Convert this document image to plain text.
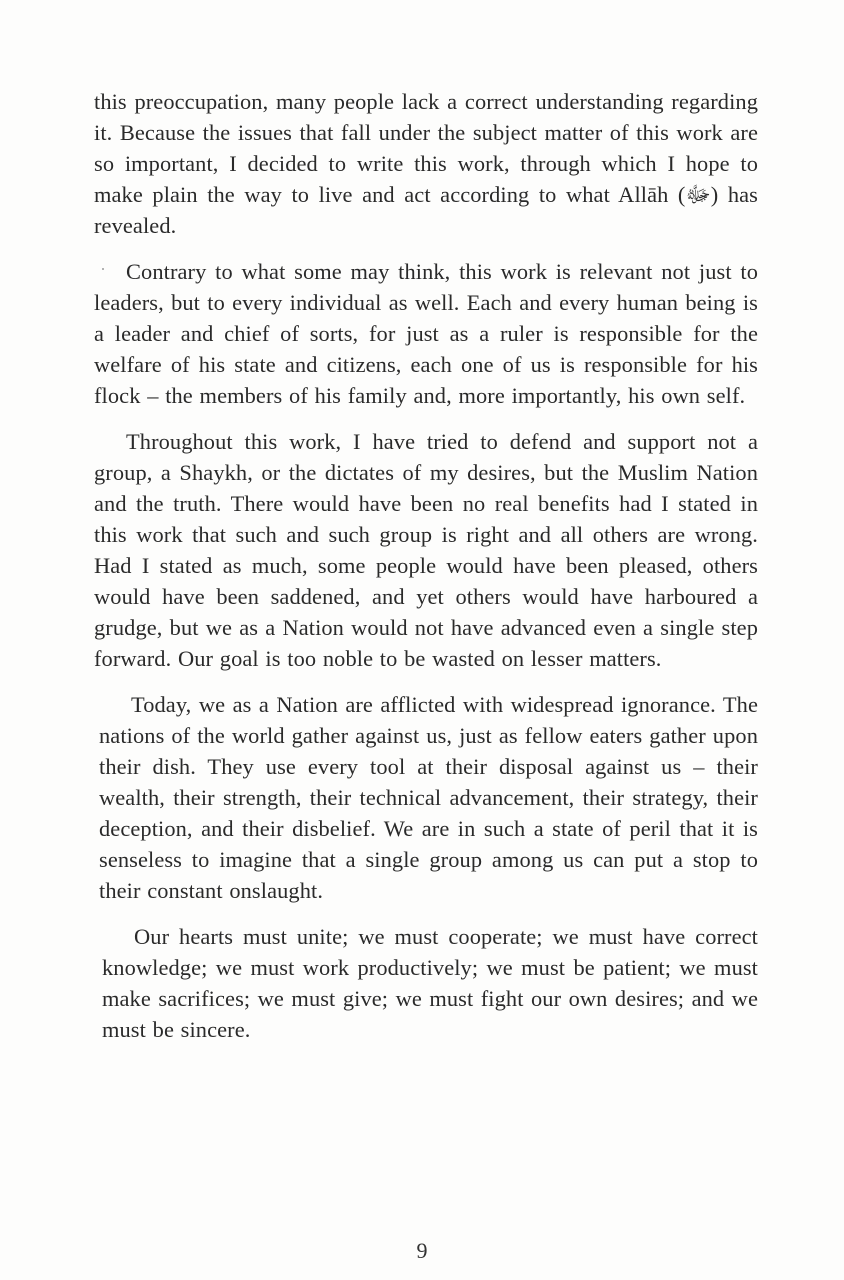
this preoccupation, many people lack a correct understanding regarding it. Because the issues that fall under the subject matter of this work are so important, I decided to write this work, through which I hope to make plain the way to live and act according to what Allāh (ﷻ) has revealed.

Contrary to what some may think, this work is relevant not just to leaders, but to every individual as well. Each and every human being is a leader and chief of sorts, for just as a ruler is responsible for the welfare of his state and citizens, each one of us is responsible for his flock – the members of his family and, more importantly, his own self.

Throughout this work, I have tried to defend and support not a group, a Shaykh, or the dictates of my desires, but the Muslim Nation and the truth. There would have been no real benefits had I stated in this work that such and such group is right and all others are wrong. Had I stated as much, some people would have been pleased, others would have been saddened, and yet others would have harboured a grudge, but we as a Nation would not have advanced even a single step forward. Our goal is too noble to be wasted on lesser matters.

Today, we as a Nation are afflicted with widespread ignorance. The nations of the world gather against us, just as fellow eaters gather upon their dish. They use every tool at their disposal against us – their wealth, their strength, their technical advancement, their strategy, their deception, and their disbelief. We are in such a state of peril that it is senseless to imagine that a single group among us can put a stop to their constant onslaught.

Our hearts must unite; we must cooperate; we must have correct knowledge; we must work productively; we must be patient; we must make sacrifices; we must give; we must fight our own desires; and we must be sincere.

9
